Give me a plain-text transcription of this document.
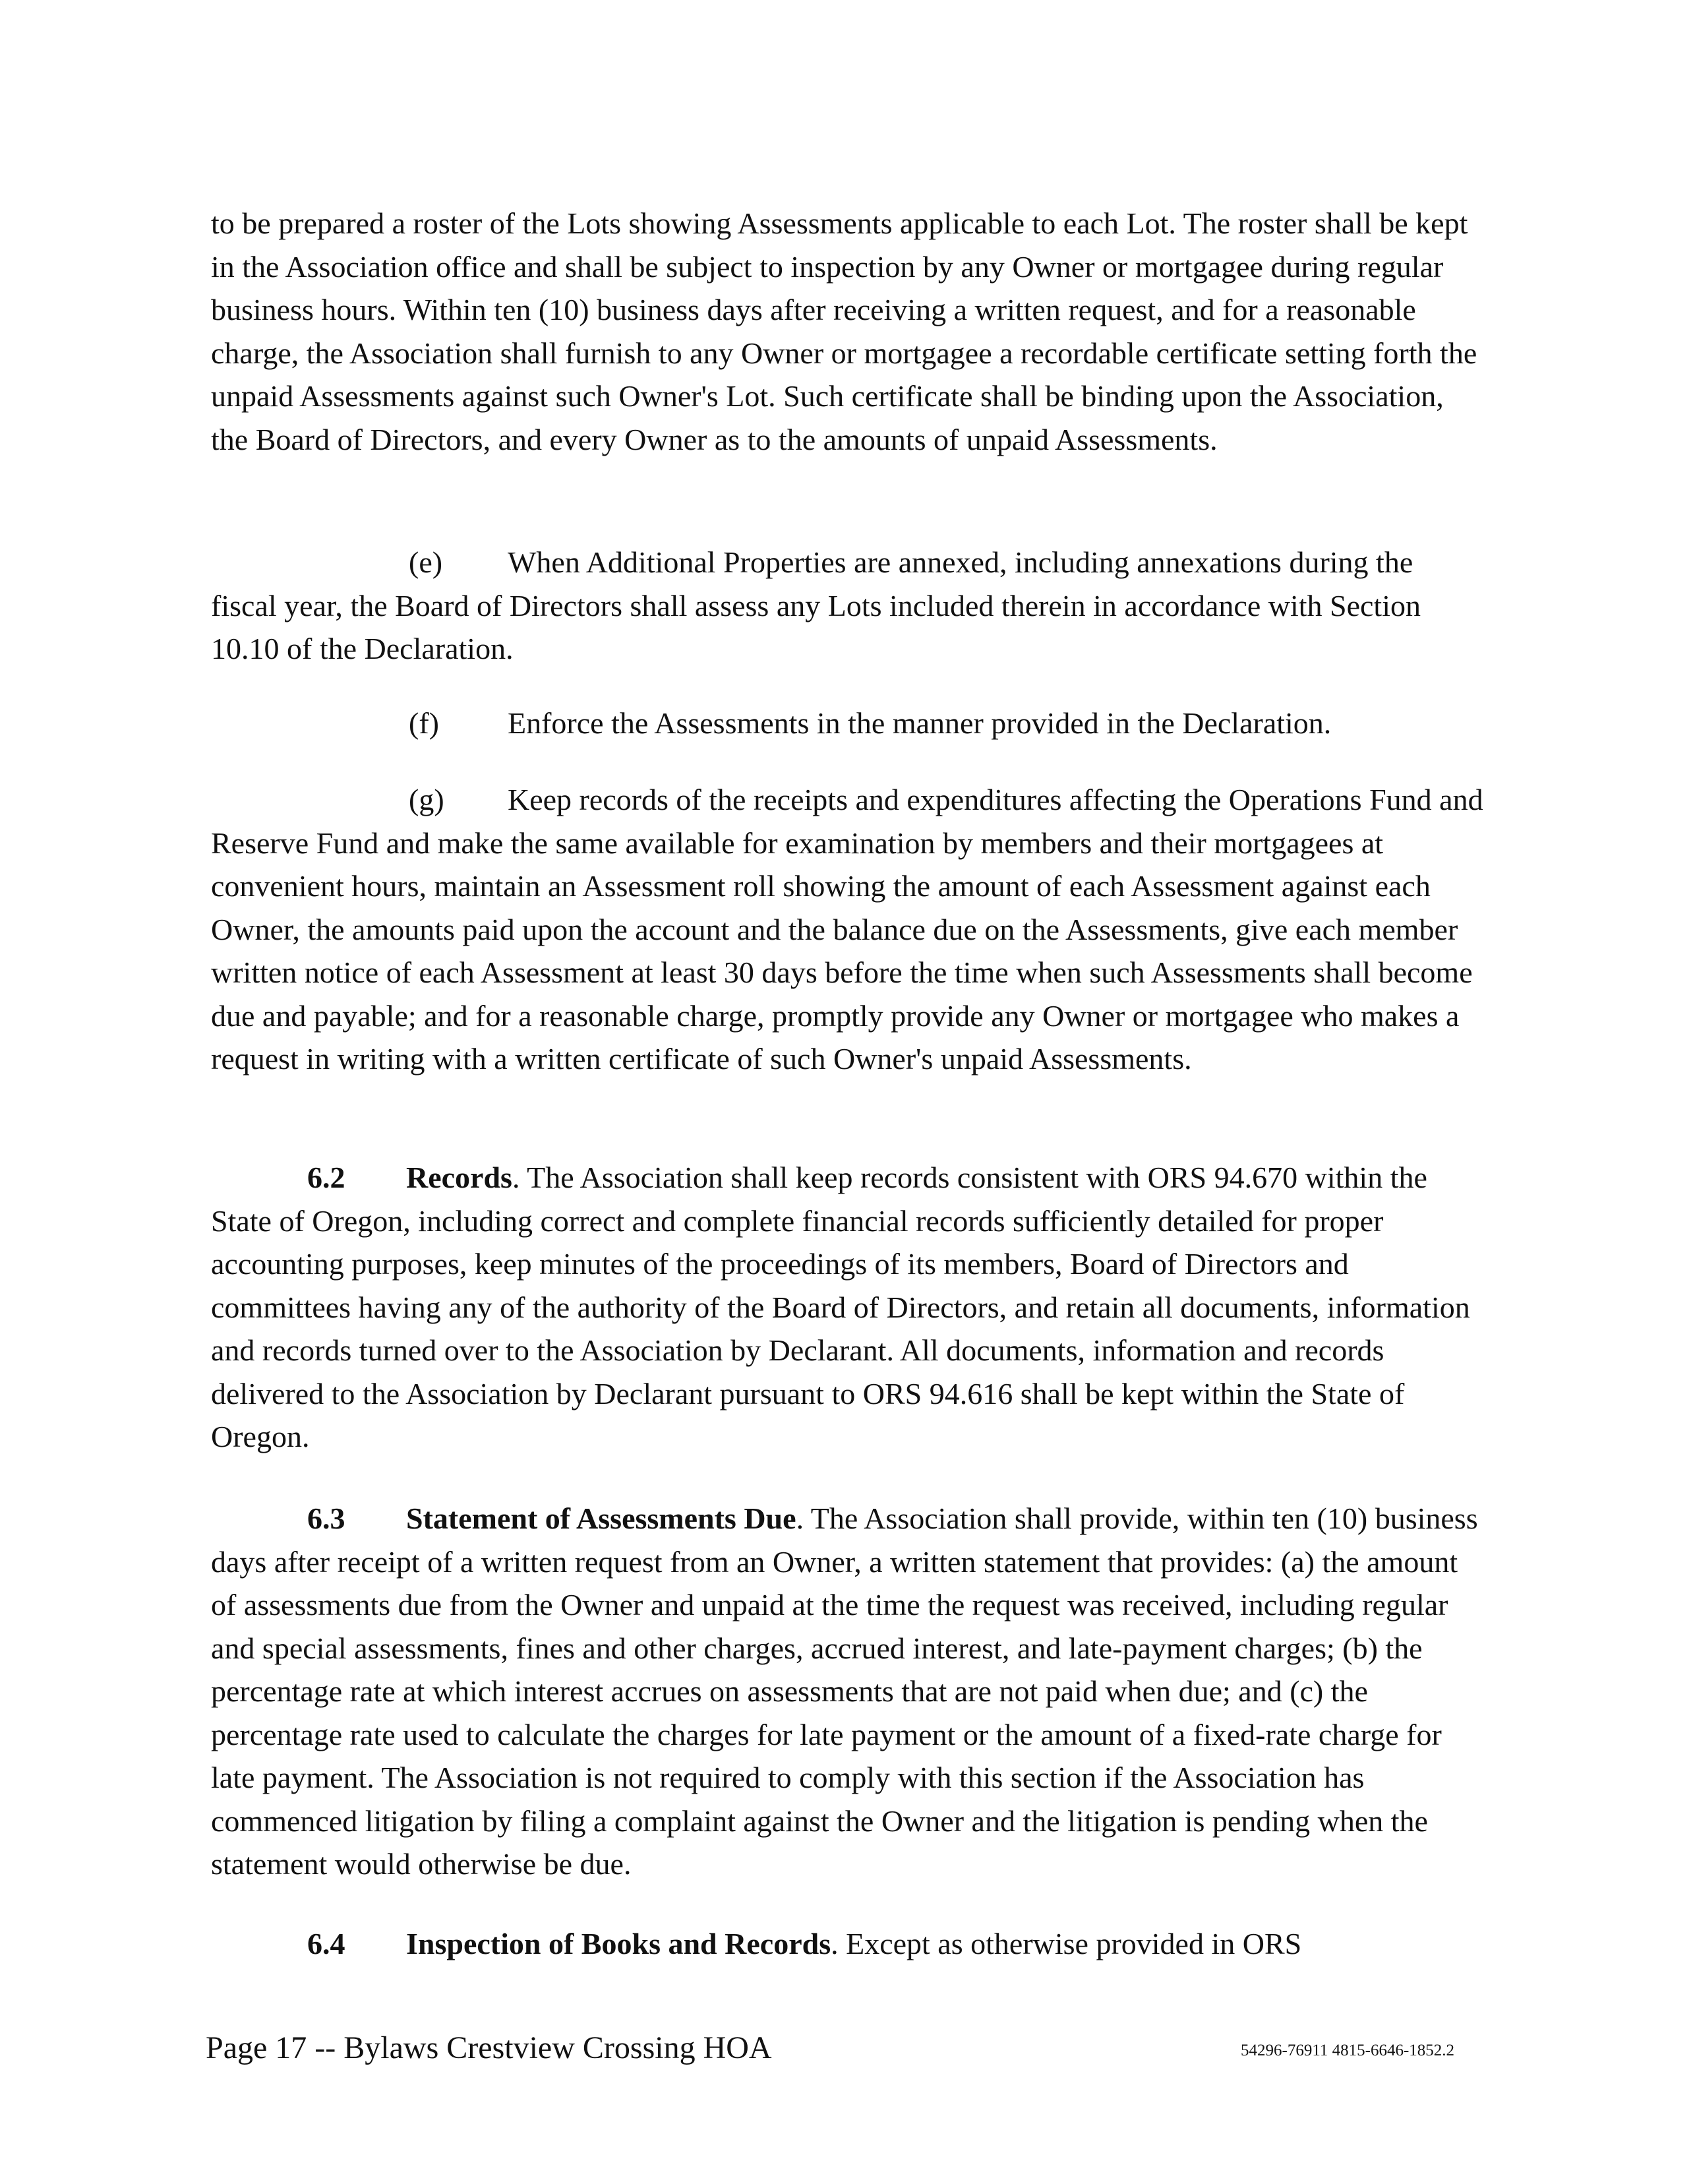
to be prepared a roster of the Lots showing Assessments applicable to each Lot. The roster shall be kept in the Association office and shall be subject to inspection by any Owner or mortgagee during regular business hours. Within ten (10) business days after receiving a written request, and for a reasonable charge, the Association shall furnish to any Owner or mortgagee a recordable certificate setting forth the unpaid Assessments against such Owner's Lot. Such certificate shall be binding upon the Association, the Board of Directors, and every Owner as to the amounts of unpaid Assessments.

(e) When Additional Properties are annexed, including annexations during the fiscal year, the Board of Directors shall assess any Lots included therein in accordance with Section 10.10 of the Declaration.

(f) Enforce the Assessments in the manner provided in the Declaration.

(g) Keep records of the receipts and expenditures affecting the Operations Fund and Reserve Fund and make the same available for examination by members and their mortgagees at convenient hours, maintain an Assessment roll showing the amount of each Assessment against each Owner, the amounts paid upon the account and the balance due on the Assessments, give each member written notice of each Assessment at least 30 days before the time when such Assessments shall become due and payable; and for a reasonable charge, promptly provide any Owner or mortgagee who makes a request in writing with a written certificate of such Owner's unpaid Assessments.

6.2 Records. The Association shall keep records consistent with ORS 94.670 within the State of Oregon, including correct and complete financial records sufficiently detailed for proper accounting purposes, keep minutes of the proceedings of its members, Board of Directors and committees having any of the authority of the Board of Directors, and retain all documents, information and records turned over to the Association by Declarant. All documents, information and records delivered to the Association by Declarant pursuant to ORS 94.616 shall be kept within the State of Oregon.

6.3 Statement of Assessments Due. The Association shall provide, within ten (10) business days after receipt of a written request from an Owner, a written statement that provides: (a) the amount of assessments due from the Owner and unpaid at the time the request was received, including regular and special assessments, fines and other charges, accrued interest, and late-payment charges; (b) the percentage rate at which interest accrues on assessments that are not paid when due; and (c) the percentage rate used to calculate the charges for late payment or the amount of a fixed-rate charge for late payment. The Association is not required to comply with this section if the Association has commenced litigation by filing a complaint against the Owner and the litigation is pending when the statement would otherwise be due.

6.4 Inspection of Books and Records. Except as otherwise provided in ORS

Page 17 -- Bylaws Crestview Crossing HOA	54296-76911 4815-6646-1852.2
